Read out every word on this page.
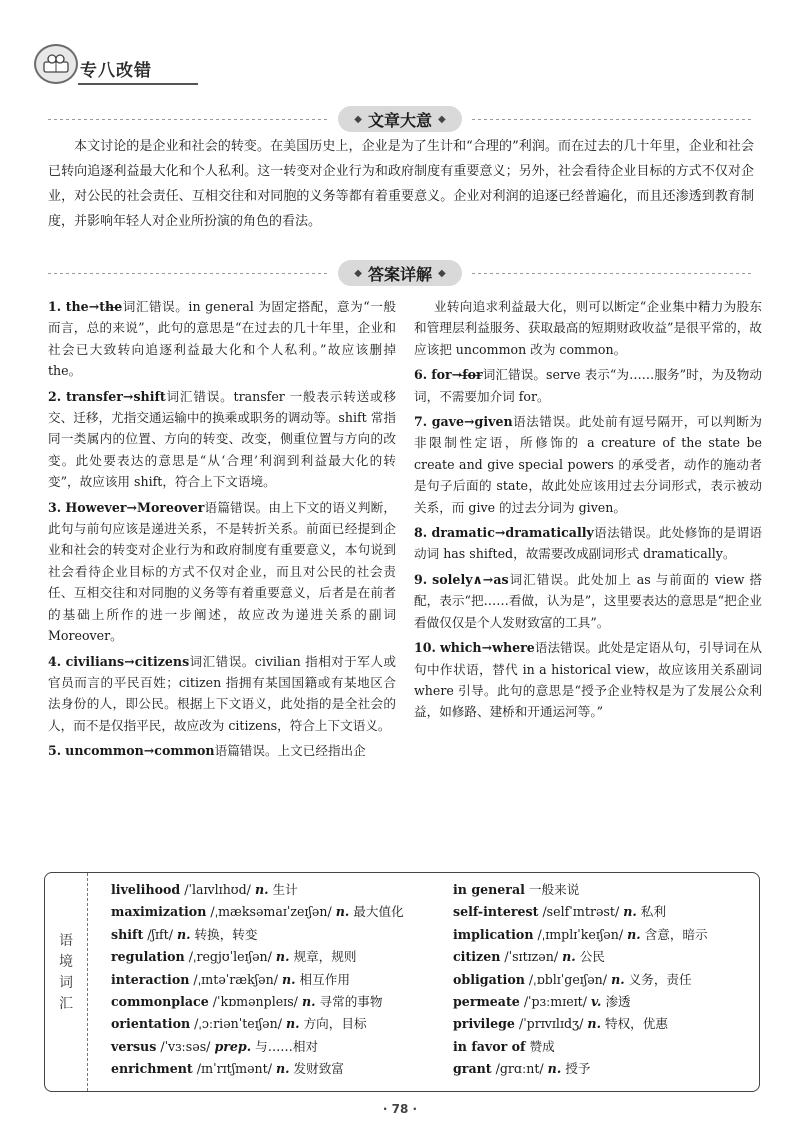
专八改错
◆ 文章大意 ◆

本文讨论的是企业和社会的转变。在美国历史上，企业是为了生计和“合理的”利润。而在过去的几十年里，企业和社会已转向追逐利益最大化和个人私利。这一转变对企业行为和政府制度有重要意义；另外，社会看待企业目标的方式不仅对企业，对公民的社会责任、互相交往和对同胞的义务等都有着重要意义。企业对利润的追逐已经普遍化，而且还渗透到教育制度，并影响年轻人对企业所扮演的角色的看法。

◆ 答案详解 ◆
1. the→th̶e̶词汇错误。in general 为固定搭配，意为“一般而言，总的来说”，此句的意思是“在过去的几十年里，企业和社会已大致转向追逐利益最大化和个人私利。”故应该删掉 the。
2. transfer→shift词汇错误。transfer 一般表示转送或移交、迁移，尤指交通运输中的换乘或职务的调动等。shift 常指同一类属内的位置、方向的转变、改变，侧重位置与方向的改变。此处要表达的意思是“从‘合理’利润到利益最大化的转变”，故应该用 shift，符合上下文语境。
3. However→Moreover语篇错误。由上下文的语义判断，此句与前句应该是递进关系，不是转折关系。前面已经提到企业和社会的转变对企业行为和政府制度有重要意义，本句说到社会看待企业目标的方式不仅对企业，而且对公民的社会责任、互相交往和对同胞的义务等有着重要意义，后者是在前者的基础上所作的进一步阐述，故应改为递进关系的副词 Moreover。
4. civilians→citizens词汇错误。civilian 指相对于军人或官员而言的平民百姓；citizen 指拥有某国国籍或有某地区合法身份的人，即公民。根据上下文语义，此处指的是全社会的人，而不是仅指平民，故应改为 citizens，符合上下文语义。
5. uncommon→common语篇错误。上文已经指出企
业转向追求利益最大化，则可以断定“企业集中精力为股东和管理层利益服务、获取最高的短期财政收益”是很平常的，故应该把 uncommon 改为 common。
6. for→f̶o̶r̶词汇错误。serve 表示“为……服务”时，为及物动词，不需要加介词 for。
7. gave→given语法错误。此处前有逗号隔开，可以判断为非限制性定语，所修饰的 a creature of the state be create and give special powers 的承受者，动作的施动者是句子后面的 state，故此处应该用过去分词形式，表示被动关系，而 give 的过去分词为 given。
8. dramatic→dramatically语法错误。此处修饰的是谓语动词 has shifted，故需要改成副词形式 dramatically。
9. solely∧→as词汇错误。此处加上 as 与前面的 view 搭配，表示“把……看做，认为是”，这里要表达的意思是“把企业看做仅仅是个人发财致富的工具”。
10. which→where语法错误。此处是定语从句，引导词在从句中作状语，替代 in a historical view，故应该用关系副词 where 引导。此句的意思是“授予企业特权是为了发展公众利益，如修路、建桥和开通运河等。”
语境词汇
livelihood /ˈlaɪvlɪhʊd/ n. 生计
maximization /ˌmæksəmaɪˈzeɪʃən/ n. 最大值化
shift /ʃɪft/ n. 转换，转变
regulation /ˌregjʊˈleɪʃən/ n. 规章，规则
interaction /ˌɪntəˈrækʃən/ n. 相互作用
commonplace /ˈkɒmənpleɪs/ n. 寻常的事物
orientation /ˌɔːriənˈteɪʃən/ n. 方向，目标
versus /ˈvɜːsəs/ prep. 与……相对
enrichment /ɪnˈrɪtʃmənt/ n. 发财致富
in general 一般来说
self-interest /selfˈɪntrəst/ n. 私利
implication /ˌɪmplɪˈkeɪʃən/ n. 含意，暗示
citizen /ˈsɪtɪzən/ n. 公民
obligation /ˌɒblɪˈgeɪʃən/ n. 义务，责任
permeate /ˈpɜːmɪeɪt/ v. 渗透
privilege /ˈprɪvɪlɪdʒ/ n. 特权，优惠
in favor of 赞成
grant /grɑːnt/ n. 授予
· 78 ·
